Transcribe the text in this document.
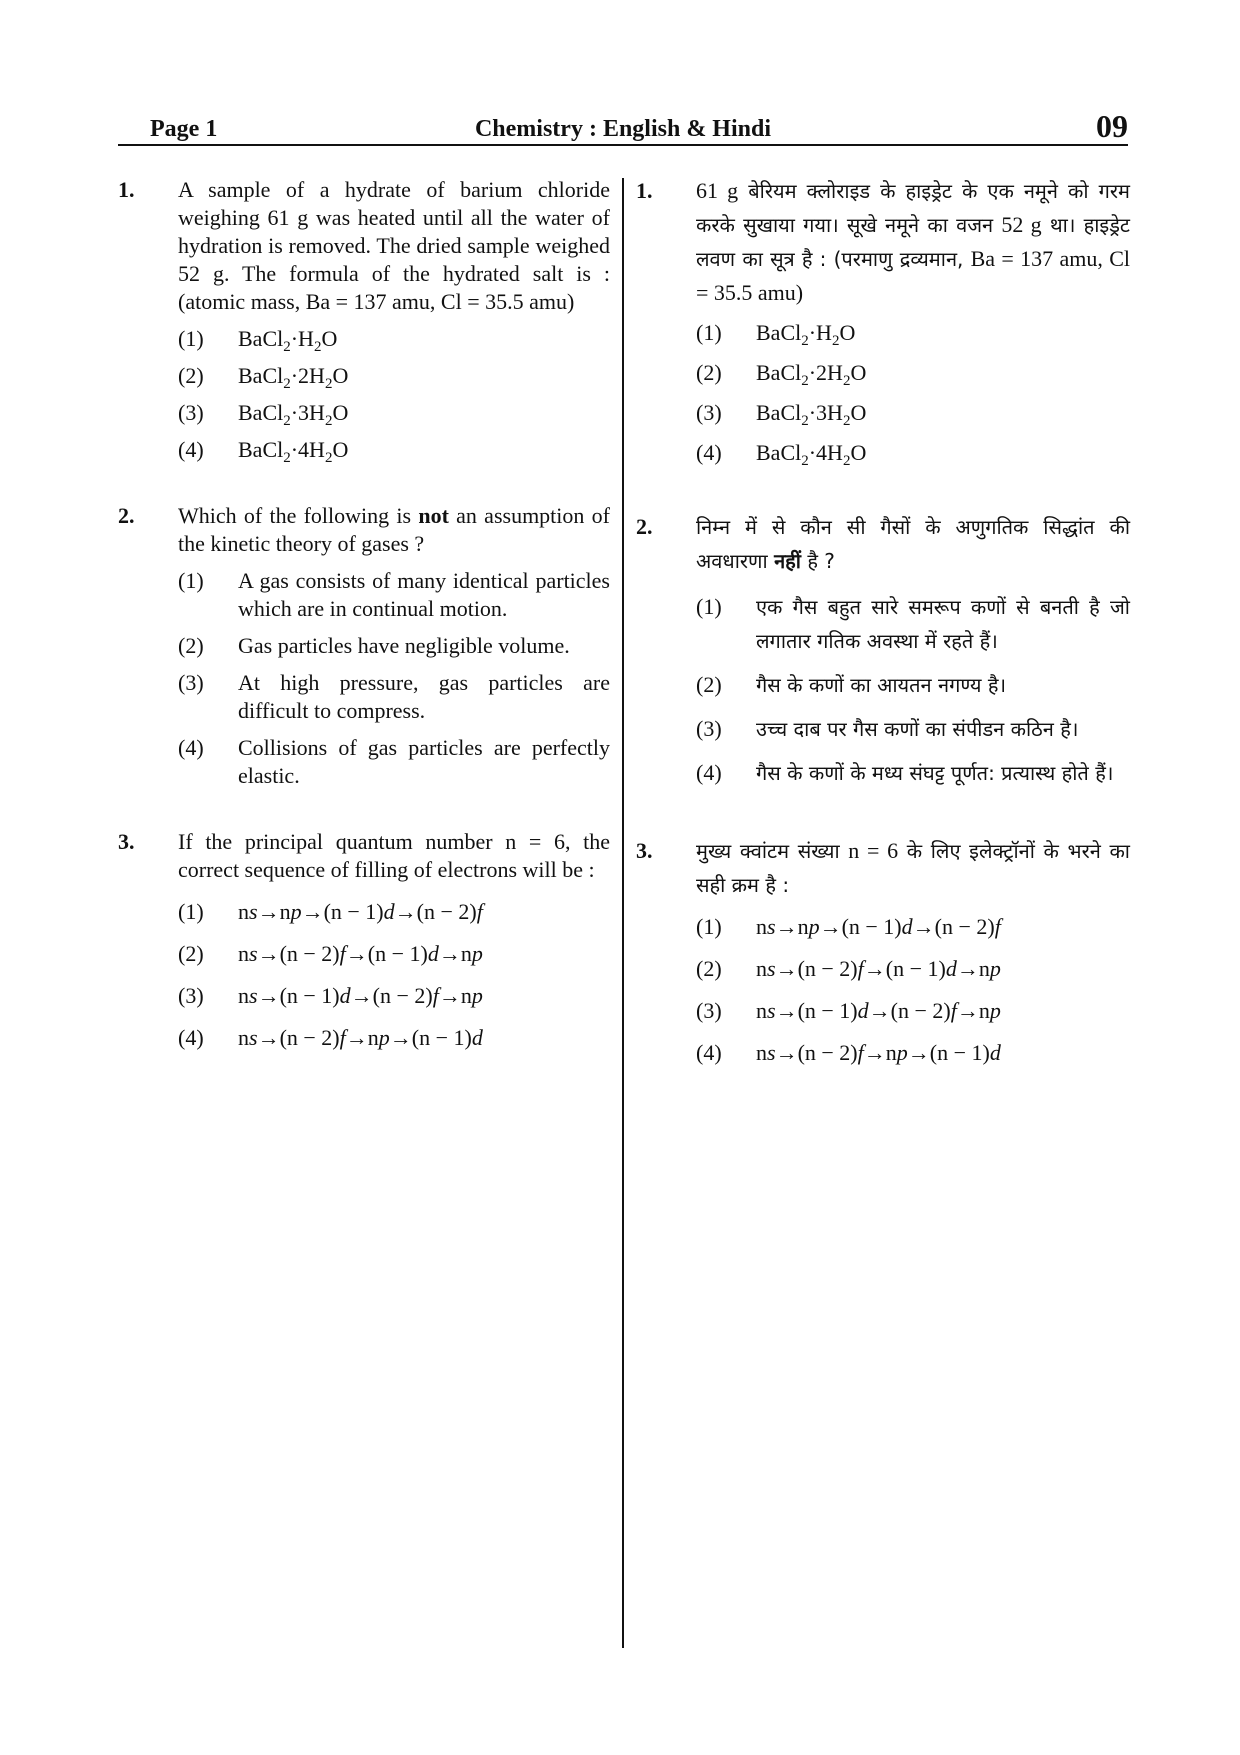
Page 1	Chemistry : English & Hindi	09
1. A sample of a hydrate of barium chloride weighing 61 g was heated until all the water of hydration is removed. The dried sample weighed 52 g. The formula of the hydrated salt is : (atomic mass, Ba = 137 amu, Cl = 35.5 amu)
(1) $BaCl_2\cdot H_2O$
(2) $BaCl_2\cdot 2H_2O$
(3) $BaCl_2\cdot 3H_2O$
(4) $BaCl_2\cdot 4H_2O$
2. Which of the following is not an assumption of the kinetic theory of gases ?
(1) A gas consists of many identical particles which are in continual motion.
(2) Gas particles have negligible volume.
(3) At high pressure, gas particles are difficult to compress.
(4) Collisions of gas particles are perfectly elastic.
3. If the principal quantum number n = 6, the correct sequence of filling of electrons will be :
(1) ns→np→(n − 1)d→(n − 2)f
(2) ns→(n − 2)f→(n − 1)d→np
(3) ns→(n − 1)d→(n − 2)f→np
(4) ns→(n − 2)f→np→(n − 1)d
1. 61 g बेरियम क्लोराइड के हाइड्रेट के एक नमूने को गरम करके सुखाया गया। सूखे नमूने का वजन 52 g था। हाइड्रेट लवण का सूत्र है : (परमाणु द्रव्यमान, Ba = 137 amu, Cl = 35.5 amu)
(1) $BaCl_2\cdot H_2O$
(2) $BaCl_2\cdot 2H_2O$
(3) $BaCl_2\cdot 3H_2O$
(4) $BaCl_2\cdot 4H_2O$
2. निम्न में से कौन सी गैसों के अणुगतिक सिद्धांत की अवधारणा नहीं है ?
(1) एक गैस बहुत सारे समरूप कणों से बनती है जो लगातार गतिक अवस्था में रहते हैं।
(2) गैस के कणों का आयतन नगण्य है।
(3) उच्च दाब पर गैस कणों का संपीडन कठिन है।
(4) गैस के कणों के मध्य संघट्ट पूर्णत: प्रत्यास्थ होते हैं।
3. मुख्य क्वांटम संख्या n = 6 के लिए इलेक्ट्रॉनों के भरने का सही क्रम है :
(1) ns→np→(n − 1)d→(n − 2)f
(2) ns→(n − 2)f→(n − 1)d→np
(3) ns→(n − 1)d→(n − 2)f→np
(4) ns→(n − 2)f→np→(n − 1)d
